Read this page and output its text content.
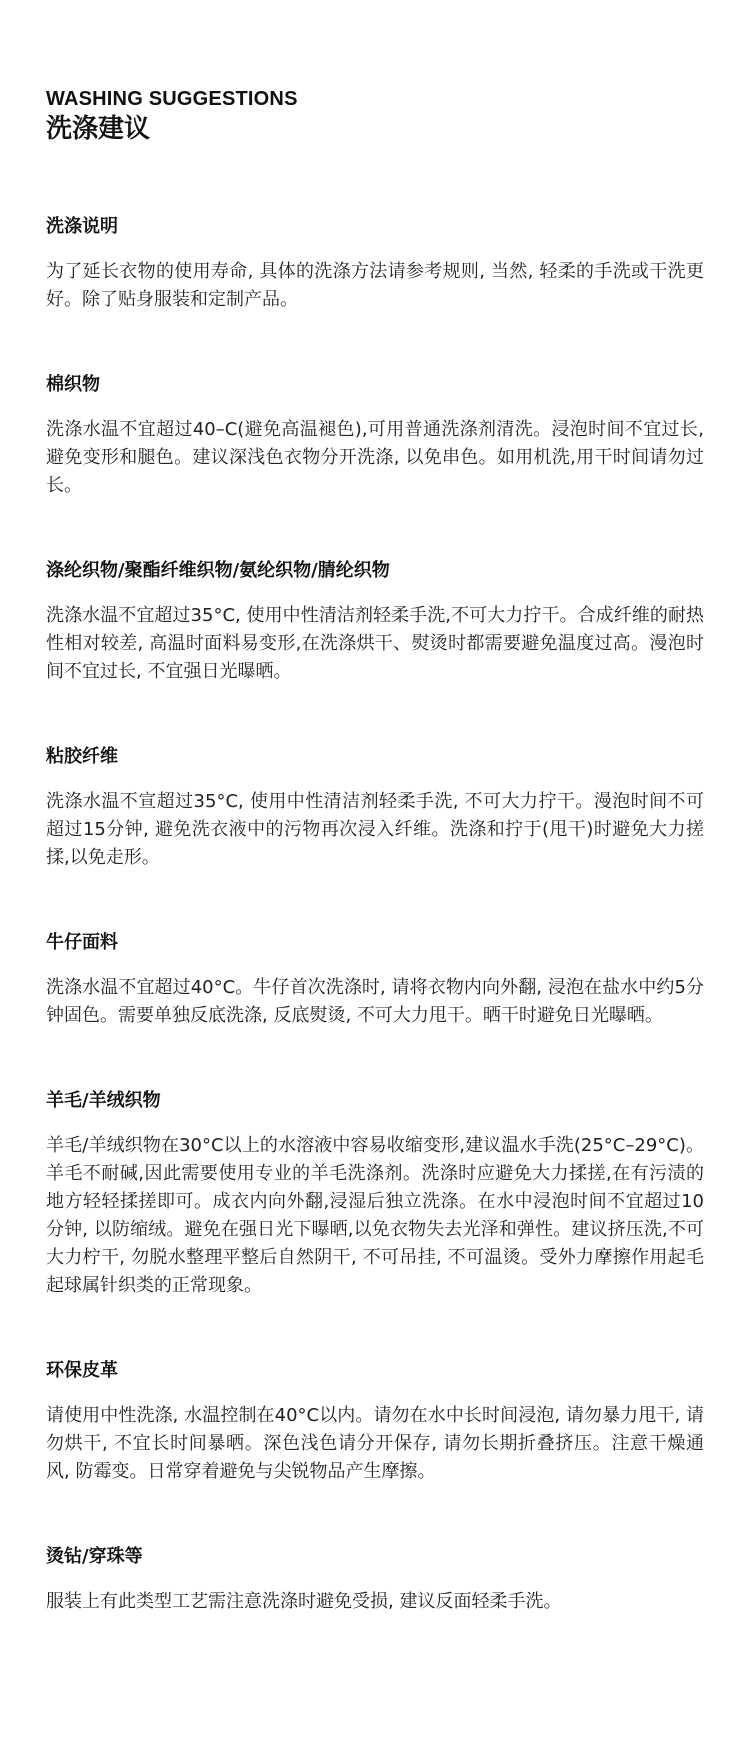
WASHING SUGGESTIONS
洗涤建议
洗涤说明

为了延长衣物的使用寿命, 具体的洗涤方法请参考规则, 当然, 轻柔的手洗或干洗更好。除了贴身服装和定制产品。

棉织物

洗涤水温不宜超过40–C(避免高温褪色),可用普通洗涤剂清洗。浸泡时间不宜过长, 避免变形和腿色。建议深浅色衣物分开洗涤, 以免串色。如用机洗,用干时间请勿过长。

涤纶织物/聚酯纤维织物/氨纶织物/腈纶织物

洗涤水温不宜超过35°C, 使用中性清洁剂轻柔手洗,不可大力拧干。合成纤维的耐热性相对较差, 高温时面料易变形,在洗涤烘干、熨烫时都需要避免温度过高。漫泡时间不宜过长, 不宜强日光曝晒。

粘胶纤维

洗涤水温不宣超过35°C, 使用中性清洁剂轻柔手洗, 不可大力拧干。漫泡时间不可超过15分钟, 避免洗衣液中的污物再次浸入纤维。洗涤和拧于(甩干)时避免大力搓揉,以免走形。

牛仔面料

洗涤水温不宜超过40°C。牛仔首次洗涤时, 请将衣物内向外翻, 浸泡在盐水中约5分钟固色。需要单独反底洗涤, 反底熨烫, 不可大力甩干。晒干时避免日光曝晒。

羊毛/羊绒织物

羊毛/羊绒织物在30°C以上的水溶液中容易收缩变形,建议温水手洗(25°C–29°C)。羊毛不耐碱,因此需要使用专业的羊毛洗涤剂。洗涤时应避免大力揉搓,在有污渍的地方轻轻揉搓即可。成衣内向外翻,浸湿后独立洗涤。在水中浸泡时间不宜超过10分钟, 以防缩绒。避免在强日光下曝晒,以免衣物失去光泽和弹性。建议挤压洗,不可大力柠干, 勿脱水整理平整后自然阴干, 不可吊挂, 不可温烫。受外力摩擦作用起毛起球属针织类的正常现象。

环保皮革

请使用中性洗涤, 水温控制在40°C以内。请勿在水中长时间浸泡, 请勿暴力甩干, 请勿烘干, 不宜长时间暴晒。深色浅色请分开保存, 请勿长期折叠挤压。注意干燥通风, 防霉变。日常穿着避免与尖锐物品产生摩擦。

烫钻/穿珠等

服装上有此类型工艺需注意洗涤时避免受损, 建议反面轻柔手洗。
